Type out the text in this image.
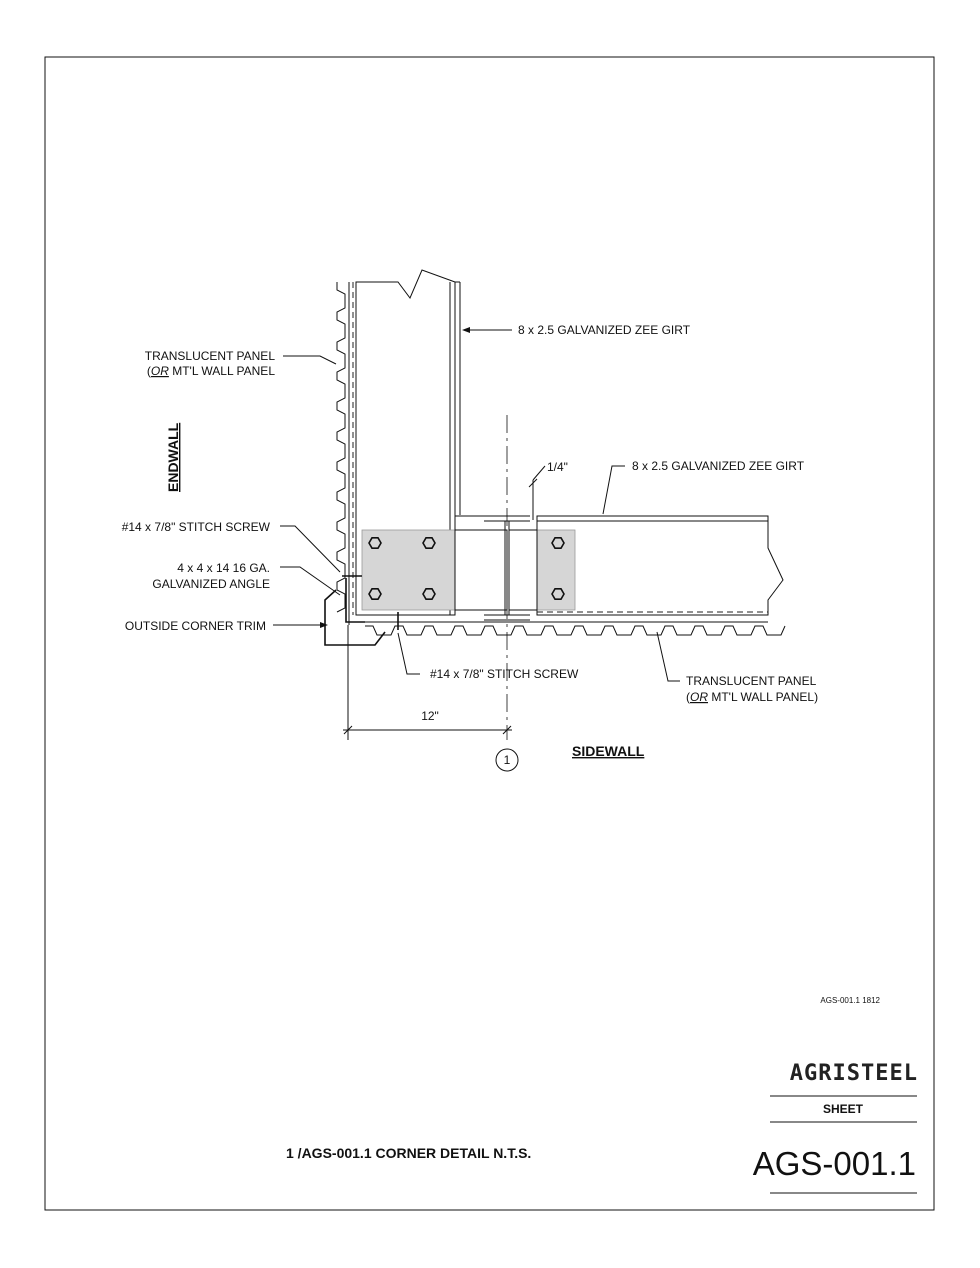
12"
1/4"
1
TRANSLUCENT PANEL
(OR MT'L WALL PANEL
8 x 2.5 GALVANIZED ZEE GIRT
ENDWALL	8 x 2.5 GALVANIZED ZEE GIRT
#14 x 7/8" STITCH SCREW
4 x 4 x 14 16 GA.
GALVANIZED ANGLE
OUTSIDE CORNER TRIM
#14 x 7/8" STITCH SCREW	TRANSLUCENT PANEL
(OR MT'L WALL PANEL)
SIDEWALL
AGS-001.1 1812
AGRISTEEL
SHEET
AGS-001.1
1 /AGS-001.1 CORNER DETAIL N.T.S.
